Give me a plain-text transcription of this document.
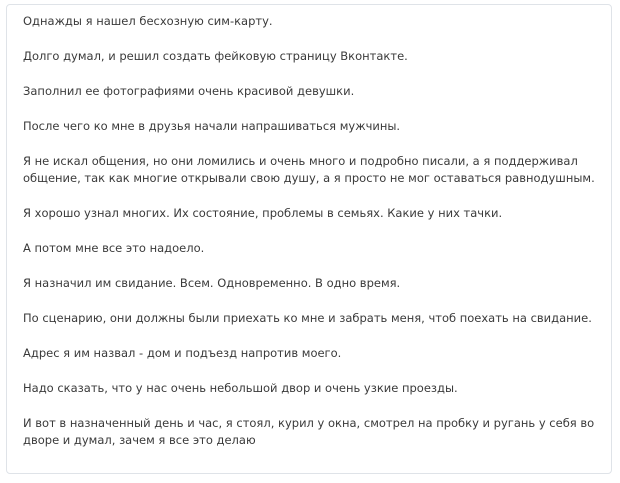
Однажды я нашел бесхозную сим-карту.

Долго думал, и решил создать фейковую страницу Вконтакте.

Заполнил ее фотографиями очень красивой девушки.

После чего ко мне в друзья начали напрашиваться мужчины.

Я не искал общения, но они ломились и очень много и подробно писали, а я поддерживал общение, так как многие открывали свою душу, а я просто не мог оставаться равнодушным.

Я хорошо узнал многих. Их состояние, проблемы в семьях. Какие у них тачки.

А потом мне все это надоело.

Я назначил им свидание. Всем. Одновременно. В одно время.

По сценарию, они должны были приехать ко мне и забрать меня, чтоб поехать на свидание.

Адрес я им назвал - дом и подъезд напротив моего.

Надо сказать, что у нас очень небольшой двор и очень узкие проезды.

И вот в назначенный день и час, я стоял, курил у окна, смотрел на пробку и ругань у себя во дворе и думал, зачем я все это делаю
